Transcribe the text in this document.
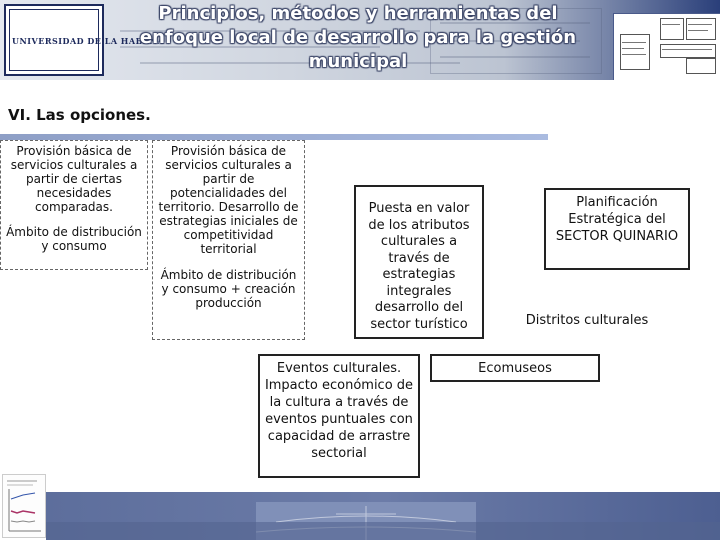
UNIVERSIDAD DE LA HABANA
Principios, métodos y herramientas del
enfoque local de desarrollo para la gestión
municipal
VI. Las opciones.

Provisión básica de servicios culturales a partir de ciertas necesidades comparadas.

Ámbito de distribución y consumo

Provisión básica de servicios culturales a partir de potencialidades del territorio. Desarrollo de estrategias iniciales de competitividad territorial

Ámbito de distribución y consumo + creación producción

Puesta en valor de los atributos culturales a través de estrategias integrales desarrollo del sector turístico

Planificación Estratégica del SECTOR QUINARIO

Distritos culturales

Eventos culturales. Impacto económico de la cultura a través de eventos puntuales con capacidad de arrastre sectorial

Ecomuseos
